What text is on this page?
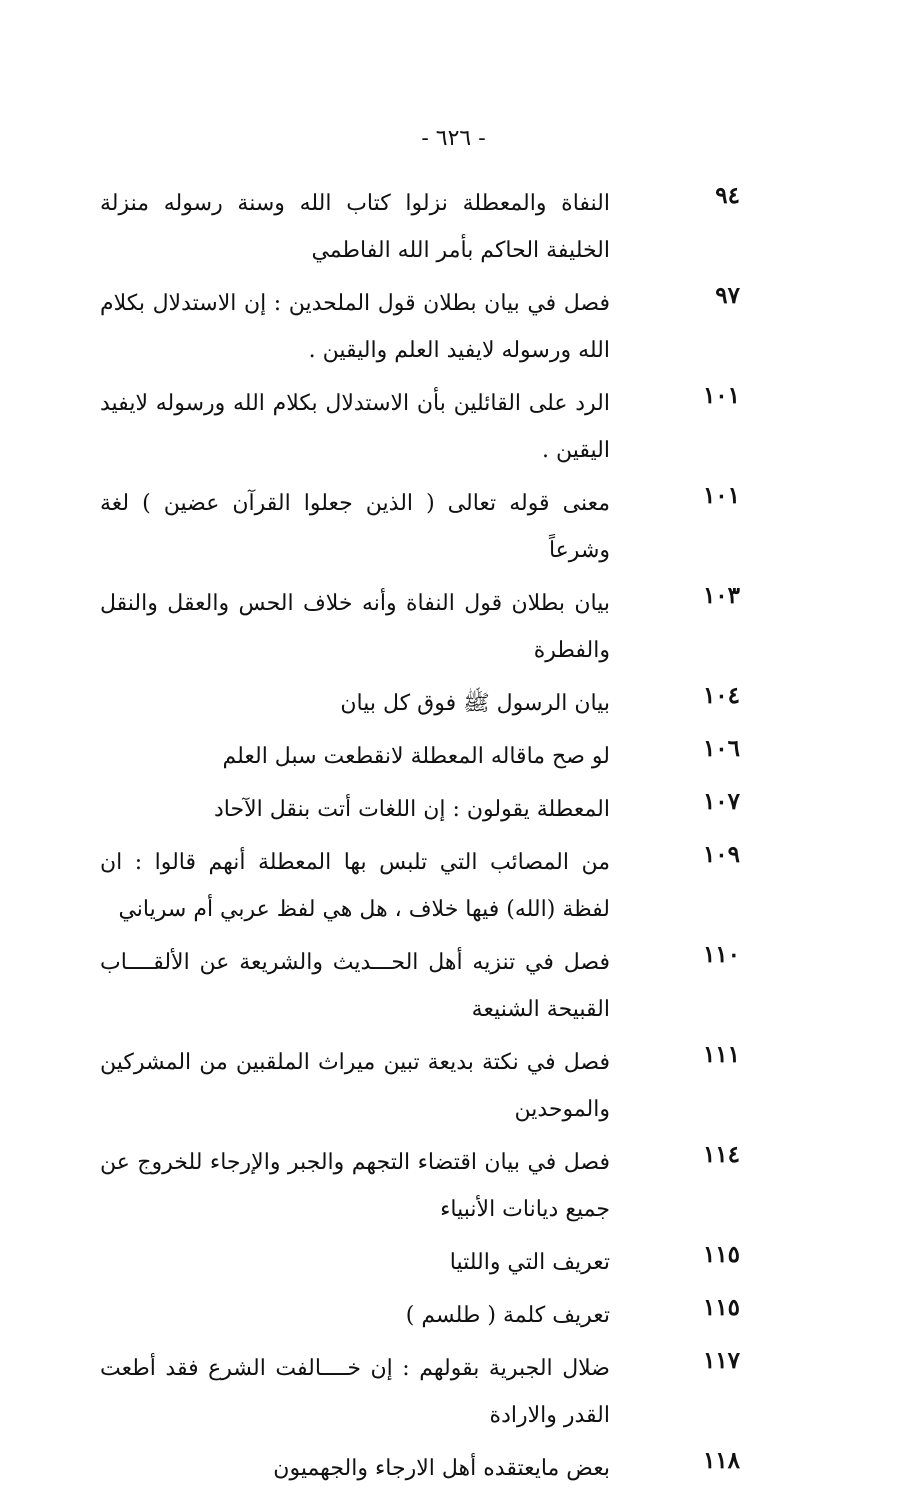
- ٦٢٦ -
٩٤
النفاة والمعطلة نزلوا كتاب الله وسنة رسوله منزلة الخليفة الحاكم بأمر الله الفاطمي
٩٧
فصل في بيان بطلان قول الملحدين : إن الاستدلال بكلام الله ورسوله لايفيد العلم واليقين .
١٠١
الرد على القائلين بأن الاستدلال بكلام الله ورسوله لايفيد اليقين .
١٠١
معنى قوله تعالى ( الذين جعلوا القرآن عضين ) لغة وشرعاً
١٠٣
بيان بطلان قول النفاة وأنه خلاف الحس والعقل والنقل والفطرة
١٠٤
بيان الرسول ﷺ فوق كل بيان
١٠٦
لو صح ماقاله المعطلة لانقطعت سبل العلم
١٠٧
المعطلة يقولون : إن اللغات أتت بنقل الآحاد
١٠٩
من المصائب التي تلبس بها المعطلة أنهم قالوا : ان لفظة (الله) فيها خلاف ، هل هي لفظ عربي أم سرياني
١١٠
فصل في تنزيه أهل الحـــديث والشريعة عن الألقــــاب القبيحة الشنيعة
١١١
فصل في نكتة بديعة تبين ميراث الملقبين من المشركين والموحدين
١١٤
فصل في بيان اقتضاء التجهم والجبر والإرجاء للخروج عن جميع ديانات الأنبياء
١١٥
تعريف التي واللتيا
١١٥
تعريف كلمة ( طلسم )
١١٧
ضلال الجبرية بقولهم : إن خــــالفت الشرع فقد أطعت القدر والارادة
١١٨
بعض مايعتقده أهل الارجاء والجهميون
